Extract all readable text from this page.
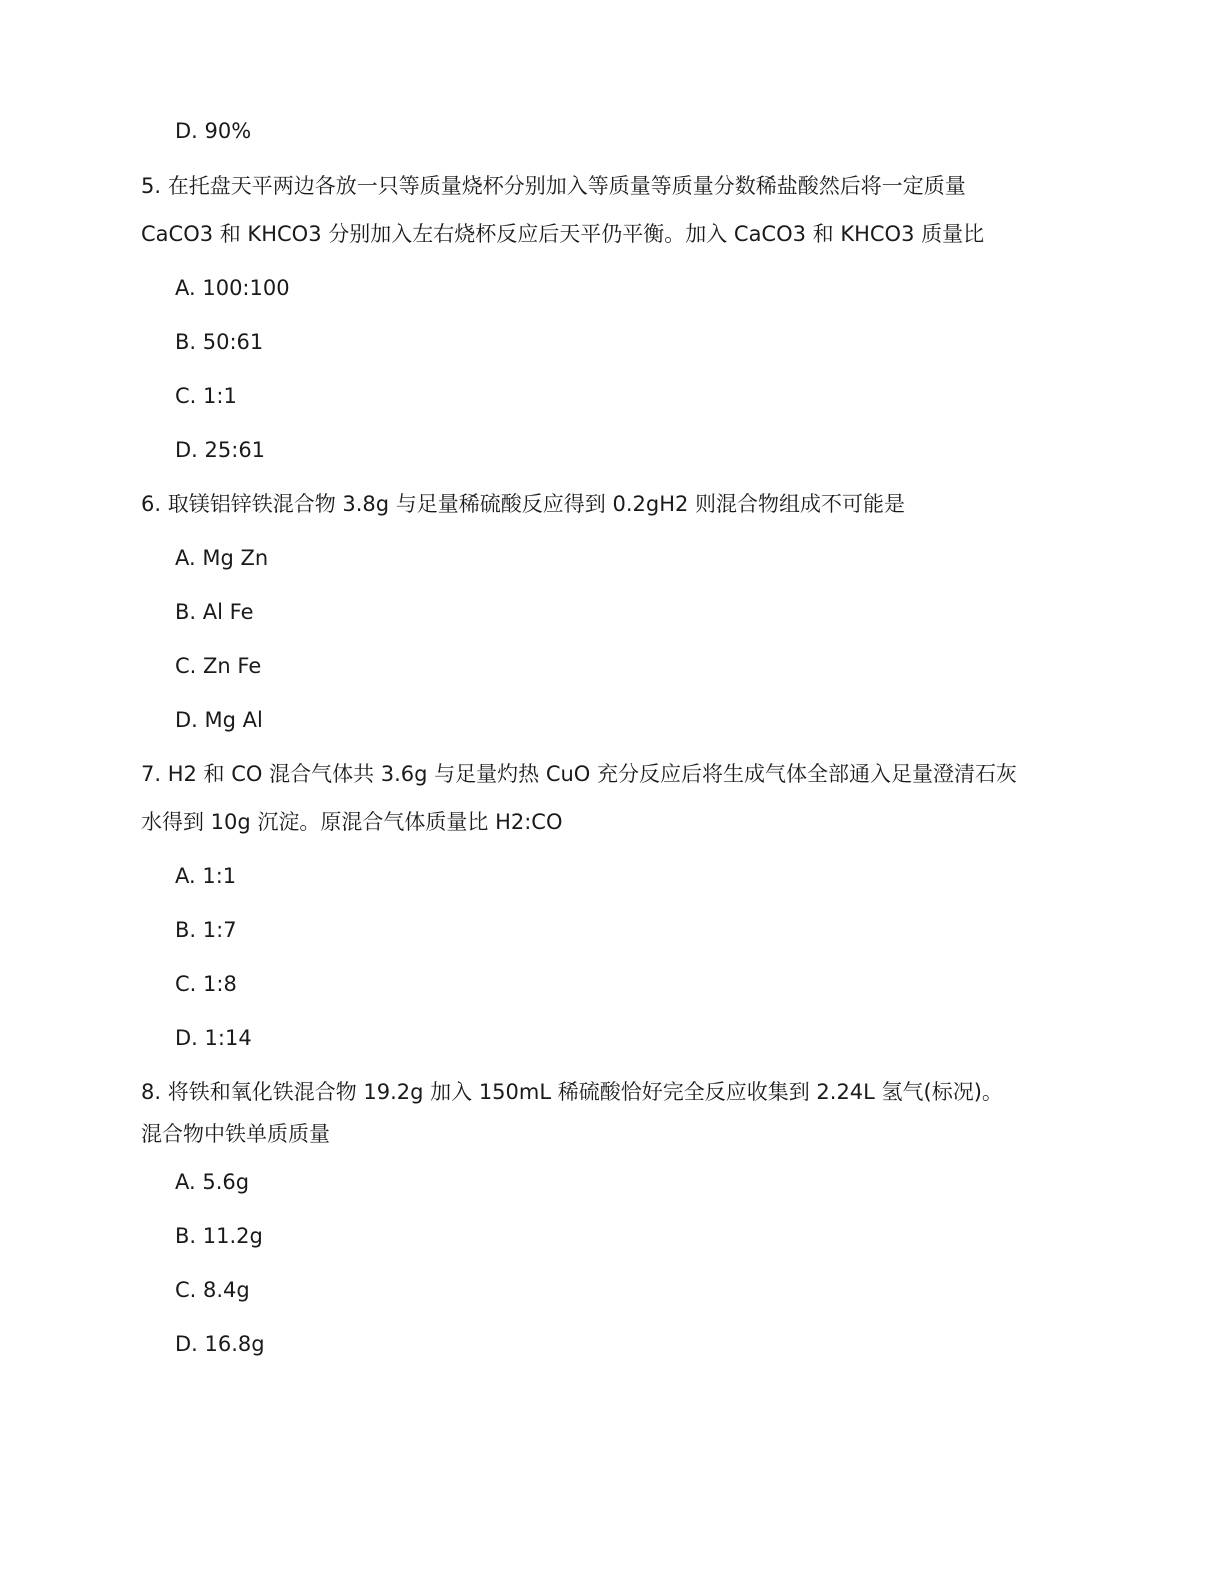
D. 90%
5. 在托盘天平两边各放一只等质量烧杯分别加入等质量等质量分数稀盐酸然后将一定质量
CaCO3 和 KHCO3 分别加入左右烧杯反应后天平仍平衡。加入 CaCO3 和 KHCO3 质量比
A. 100:100
B. 50:61
C. 1:1
D. 25:61
6. 取镁铝锌铁混合物 3.8g 与足量稀硫酸反应得到 0.2gH2 则混合物组成不可能是
A. Mg Zn
B. Al Fe
C. Zn Fe
D. Mg Al
7. H2 和 CO 混合气体共 3.6g 与足量灼热 CuO 充分反应后将生成气体全部通入足量澄清石灰
水得到 10g 沉淀。原混合气体质量比 H2:CO
A. 1:1
B. 1:7
C. 1:8
D. 1:14
8. 将铁和氧化铁混合物 19.2g 加入 150mL 稀硫酸恰好完全反应收集到 2.24L 氢气(标况)。
混合物中铁单质质量
A. 5.6g
B. 11.2g
C. 8.4g
D. 16.8g
